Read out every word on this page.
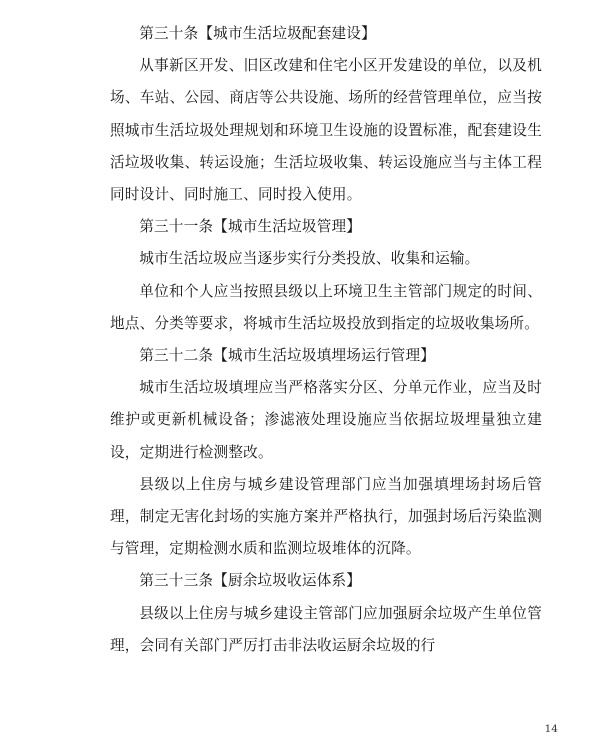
第三十条【城市生活垃圾配套建设】

从事新区开发、旧区改建和住宅小区开发建设的单位，以及机场、车站、公园、商店等公共设施、场所的经营管理单位，应当按照城市生活垃圾处理规划和环境卫生设施的设置标准，配套建设生活垃圾收集、转运设施；生活垃圾收集、转运设施应当与主体工程同时设计、同时施工、同时投入使用。

第三十一条【城市生活垃圾管理】

城市生活垃圾应当逐步实行分类投放、收集和运输。

单位和个人应当按照县级以上环境卫生主管部门规定的时间、地点、分类等要求，将城市生活垃圾投放到指定的垃圾收集场所。

第三十二条【城市生活垃圾填埋场运行管理】

城市生活垃圾填埋应当严格落实分区、分单元作业，应当及时维护或更新机械设备；渗滤液处理设施应当依据垃圾埋量独立建设，定期进行检测整改。

县级以上住房与城乡建设管理部门应当加强填埋场封场后管理，制定无害化封场的实施方案并严格执行，加强封场后污染监测与管理，定期检测水质和监测垃圾堆体的沉降。

第三十三条【厨余垃圾收运体系】

县级以上住房与城乡建设主管部门应加强厨余垃圾产生单位管理，会同有关部门严厉打击非法收运厨余垃圾的行

14
